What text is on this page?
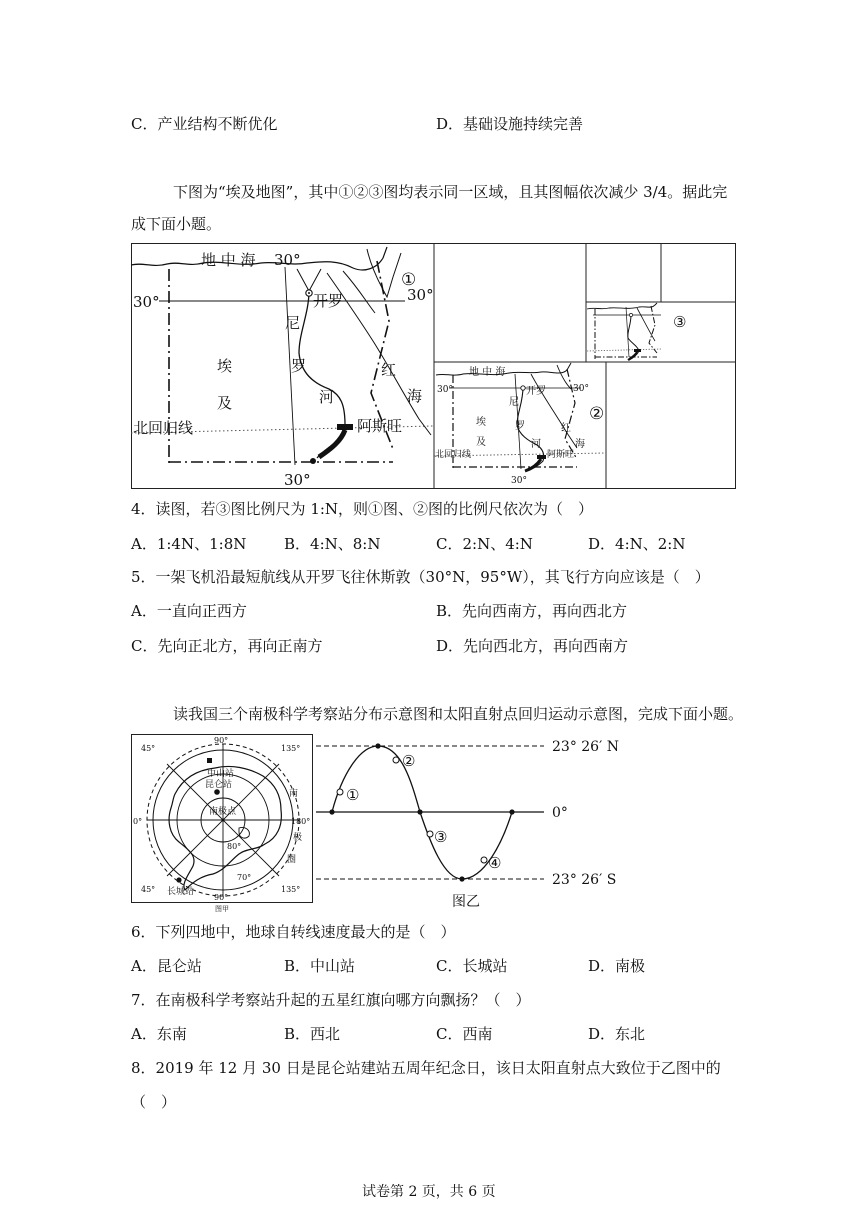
C．产业结构不断优化	D．基础设施持续完善
下图为“埃及地图”，其中①②③图均表示同一区域，且其图幅依次减少 3/4。据此完
成下面小题。
地 中 海 30°
30°	30°
开罗
尼
罗
河
埃
及
红
海
北回归线	阿斯旺
30°
①
地 中 海
30°	30°
开罗
埃
及
尼
罗
河
红
海
北回归线	阿斯旺
30°
②
③
4．读图，若③图比例尺为 1:N，则①图、②图的比例尺依次为（　）
A．1:4N、1:8N	B．4:N、8:N	C．2:N、4:N	D．4:N、2:N
5．一架飞机沿最短航线从开罗飞往休斯敦（30°N，95°W），其飞行方向应该是（　）
A．一直向正西方	B．先向西南方，再向西北方
C．先向正北方，再向正南方	D．先向西北方，再向西南方
读我国三个南极科学考察站分布示意图和太阳直射点回归运动示意图，完成下面小题。
90°
45°	135°
0°	180°
45°	135°
90°
中山站
昆仑站
南极点
80°
70°
长城站
南
极
圈
图甲
①
②
③
④
23° 26′ N
0°
23° 26′ S
图乙
6．下列四地中，地球自转线速度最大的是（　）
A．昆仑站	B．中山站	C．长城站	D．南极
7．在南极科学考察站升起的五星红旗向哪方向飘扬？（　）
A．东南	B．西北	C．西南	D．东北
8．2019 年 12 月 30 日是昆仑站建站五周年纪念日，该日太阳直射点大致位于乙图中的
（　）
试卷第 2 页，共 6 页
